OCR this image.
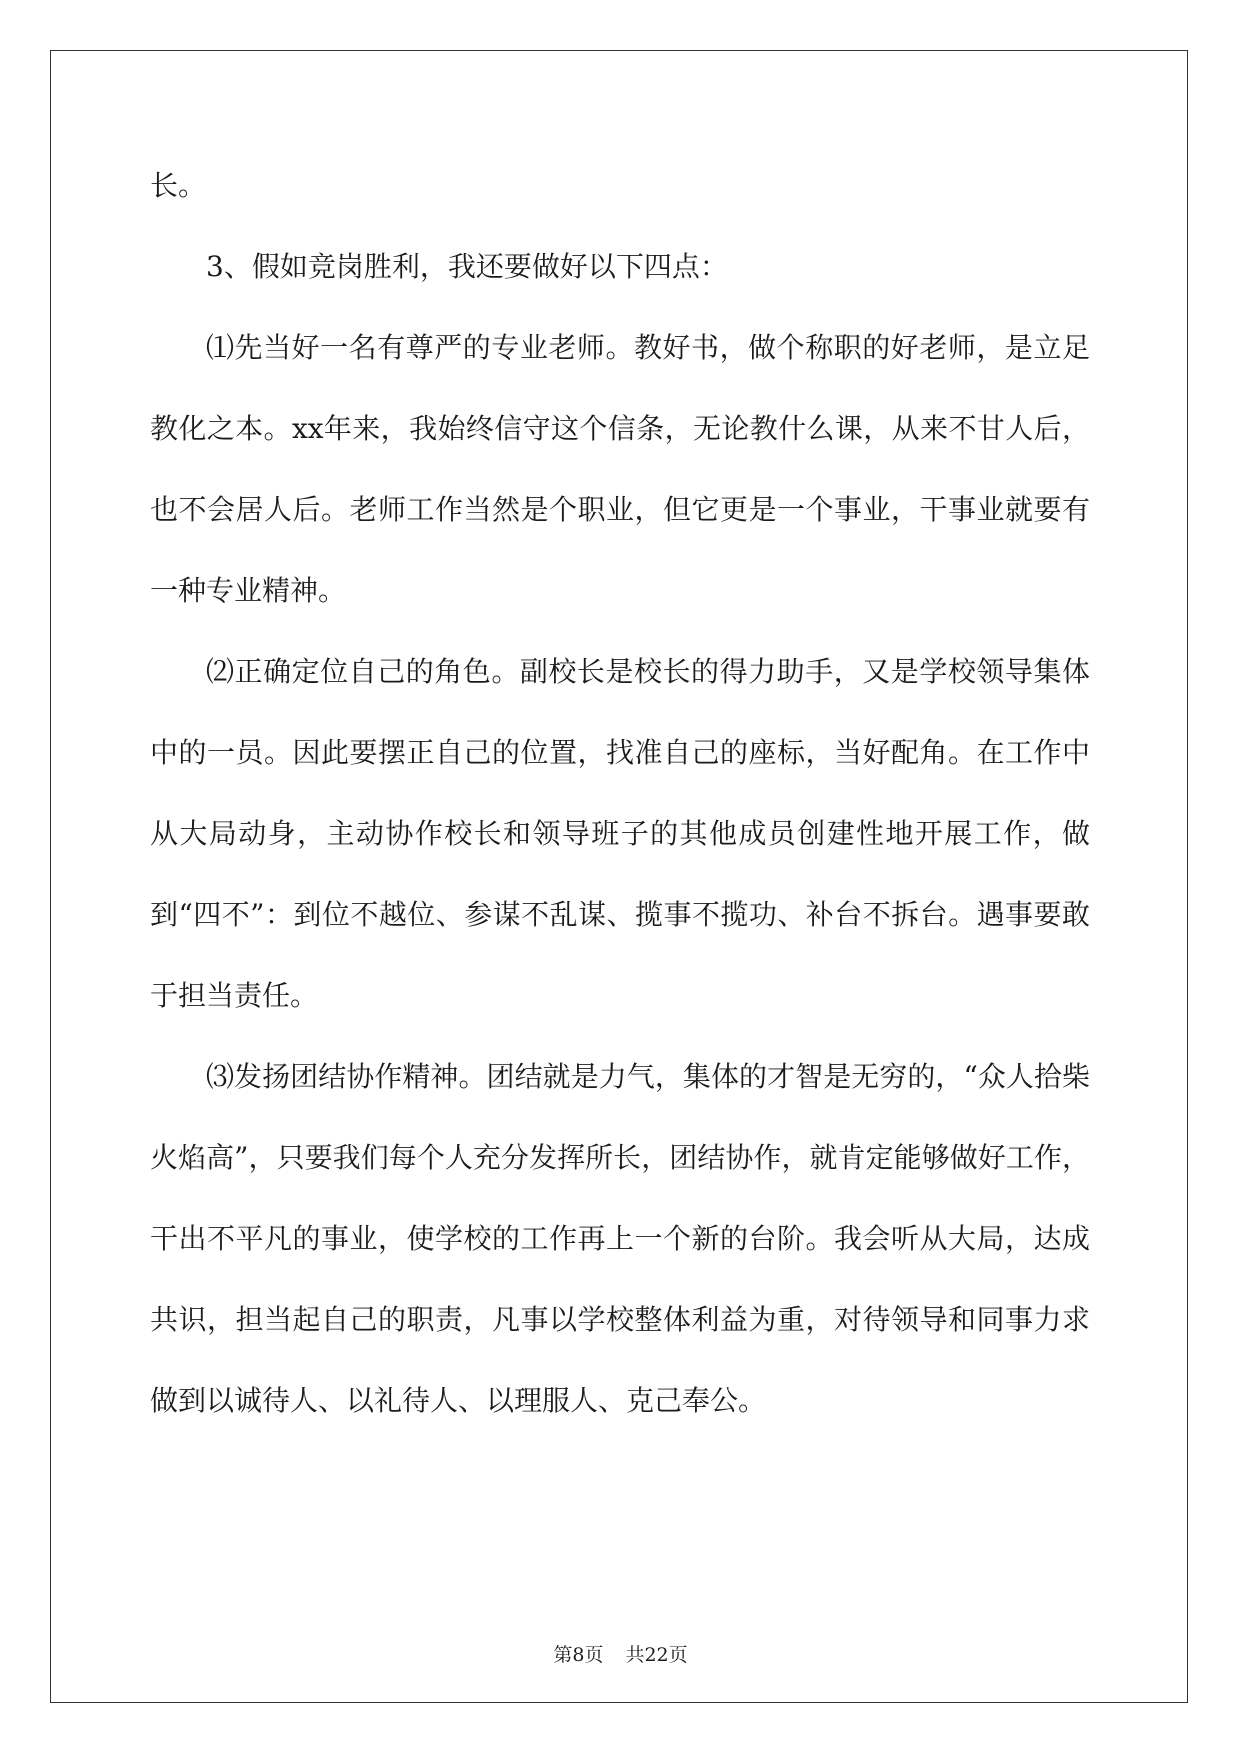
长。

3、假如竞岗胜利，我还要做好以下四点：

⑴先当好一名有尊严的专业老师。教好书，做个称职的好老师，是立足教化之本。xx年来，我始终信守这个信条，无论教什么课，从来不甘人后，也不会居人后。老师工作当然是个职业，但它更是一个事业，干事业就要有一种专业精神。

⑵正确定位自己的角色。副校长是校长的得力助手，又是学校领导集体中的一员。因此要摆正自己的位置，找准自己的座标，当好配角。在工作中从大局动身，主动协作校长和领导班子的其他成员创建性地开展工作，做到“四不”：到位不越位、参谋不乱谋、揽事不揽功、补台不拆台。遇事要敢于担当责任。

⑶发扬团结协作精神。团结就是力气，集体的才智是无穷的，“众人拾柴火焰高”，只要我们每个人充分发挥所长，团结协作，就肯定能够做好工作，干出不平凡的事业，使学校的工作再上一个新的台阶。我会听从大局，达成共识，担当起自己的职责，凡事以学校整体利益为重，对待领导和同事力求做到以诚待人、以礼待人、以理服人、克己奉公。

第8页 共22页
